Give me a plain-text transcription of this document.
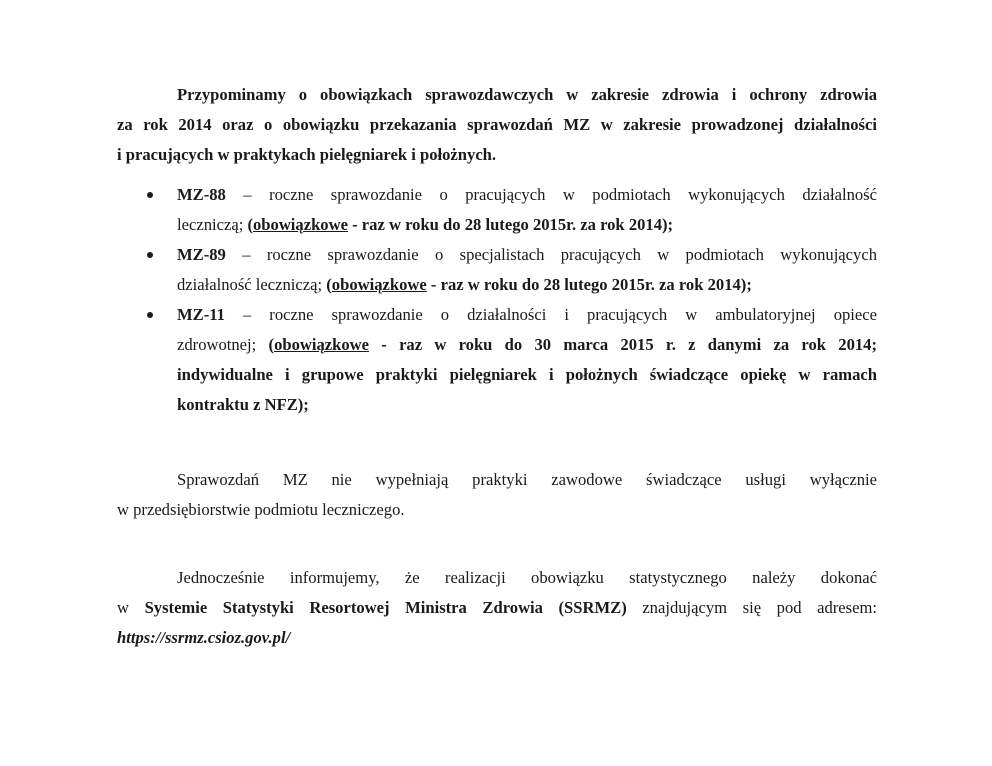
Przypominamy o obowiązkach sprawozdawczych w zakresie zdrowia i ochrony zdrowia
za rok 2014 oraz o obowiązku przekazania sprawozdań MZ w zakresie prowadzonej działalności
i pracujących w praktykach pielęgniarek i położnych.
MZ-88 – roczne sprawozdanie o pracujących w podmiotach wykonujących działalność
leczniczą; (obowiązkowe - raz w roku do 28 lutego 2015r. za rok 2014);
MZ-89 – roczne sprawozdanie o specjalistach pracujących w podmiotach wykonujących
działalność leczniczą; (obowiązkowe - raz w roku do 28 lutego 2015r. za rok 2014);
MZ-11 – roczne sprawozdanie o działalności i pracujących w ambulatoryjnej opiece
zdrowotnej; (obowiązkowe - raz w roku do 30 marca 2015 r. z danymi za rok 2014;
indywidualne i grupowe praktyki pielęgniarek i położnych świadczące opiekę w ramach
kontraktu z NFZ);
Sprawozdań MZ nie wypełniają praktyki zawodowe świadczące usługi wyłącznie
w przedsiębiorstwie podmiotu leczniczego.
Jednocześnie informujemy, że realizacji obowiązku statystycznego należy dokonać
w Systemie Statystyki Resortowej Ministra Zdrowia (SSRMZ) znajdującym się pod adresem:
https://ssrmz.csioz.gov.pl/
